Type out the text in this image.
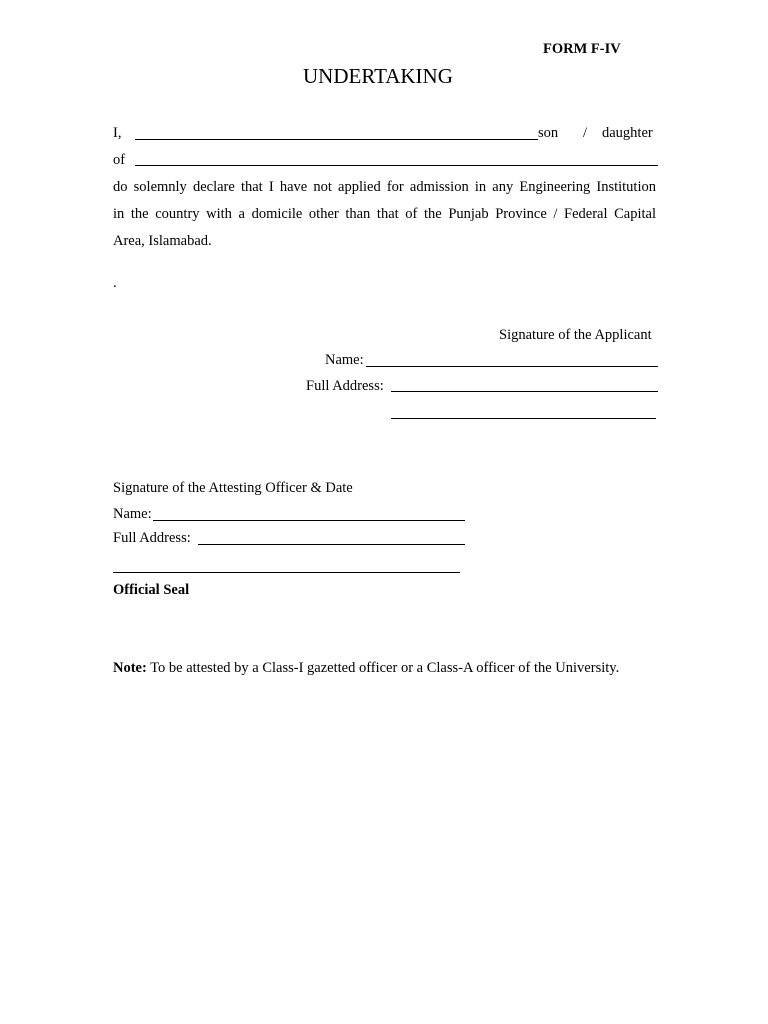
FORM F-IV
UNDERTAKING
I,	son / daughter
of
do solemnly declare that I have not applied for admission in any Engineering Institution
in the country with a domicile other than that of the Punjab Province / Federal Capital
Area, Islamabad.
.
Signature of the Applicant
Name:
Full Address:
Signature of the Attesting Officer & Date
Name:
Full Address:
Official Seal
Note: To be attested by a Class-I gazetted officer or a Class-A officer of the University.
